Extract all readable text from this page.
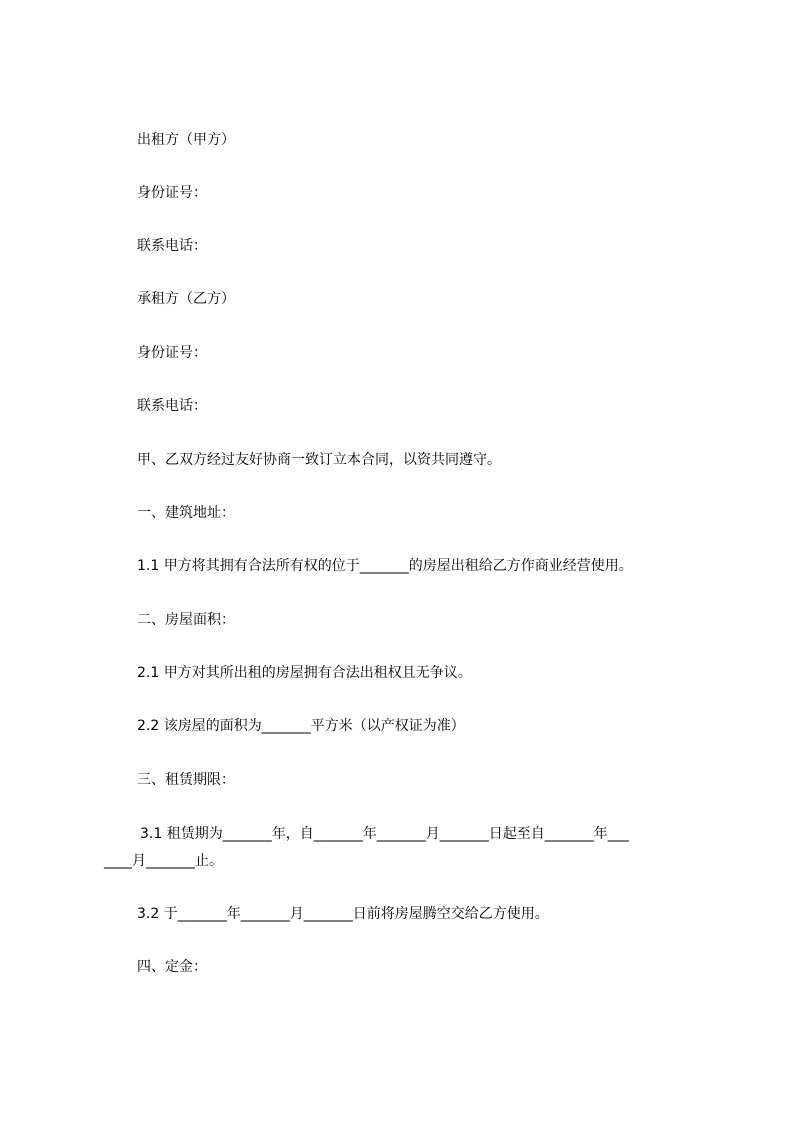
出租方（甲方）
身份证号：
联系电话：
承租方（乙方）
身份证号：
联系电话：
甲、乙双方经过友好协商一致订立本合同，以资共同遵守。
一、建筑地址：
1.1 甲方将其拥有合法所有权的位于_______的房屋出租给乙方作商业经营使用。
二、房屋面积：
2.1 甲方对其所出租的房屋拥有合法出租权且无争议。
2.2 该房屋的面积为_______平方米（以产权证为准）
三、租赁期限：
3.1 租赁期为_______年，自_______年_______月_______日起至自_______年___
____月_______止。
3.2 于_______年_______月_______日前将房屋腾空交给乙方使用。
四、定金：
